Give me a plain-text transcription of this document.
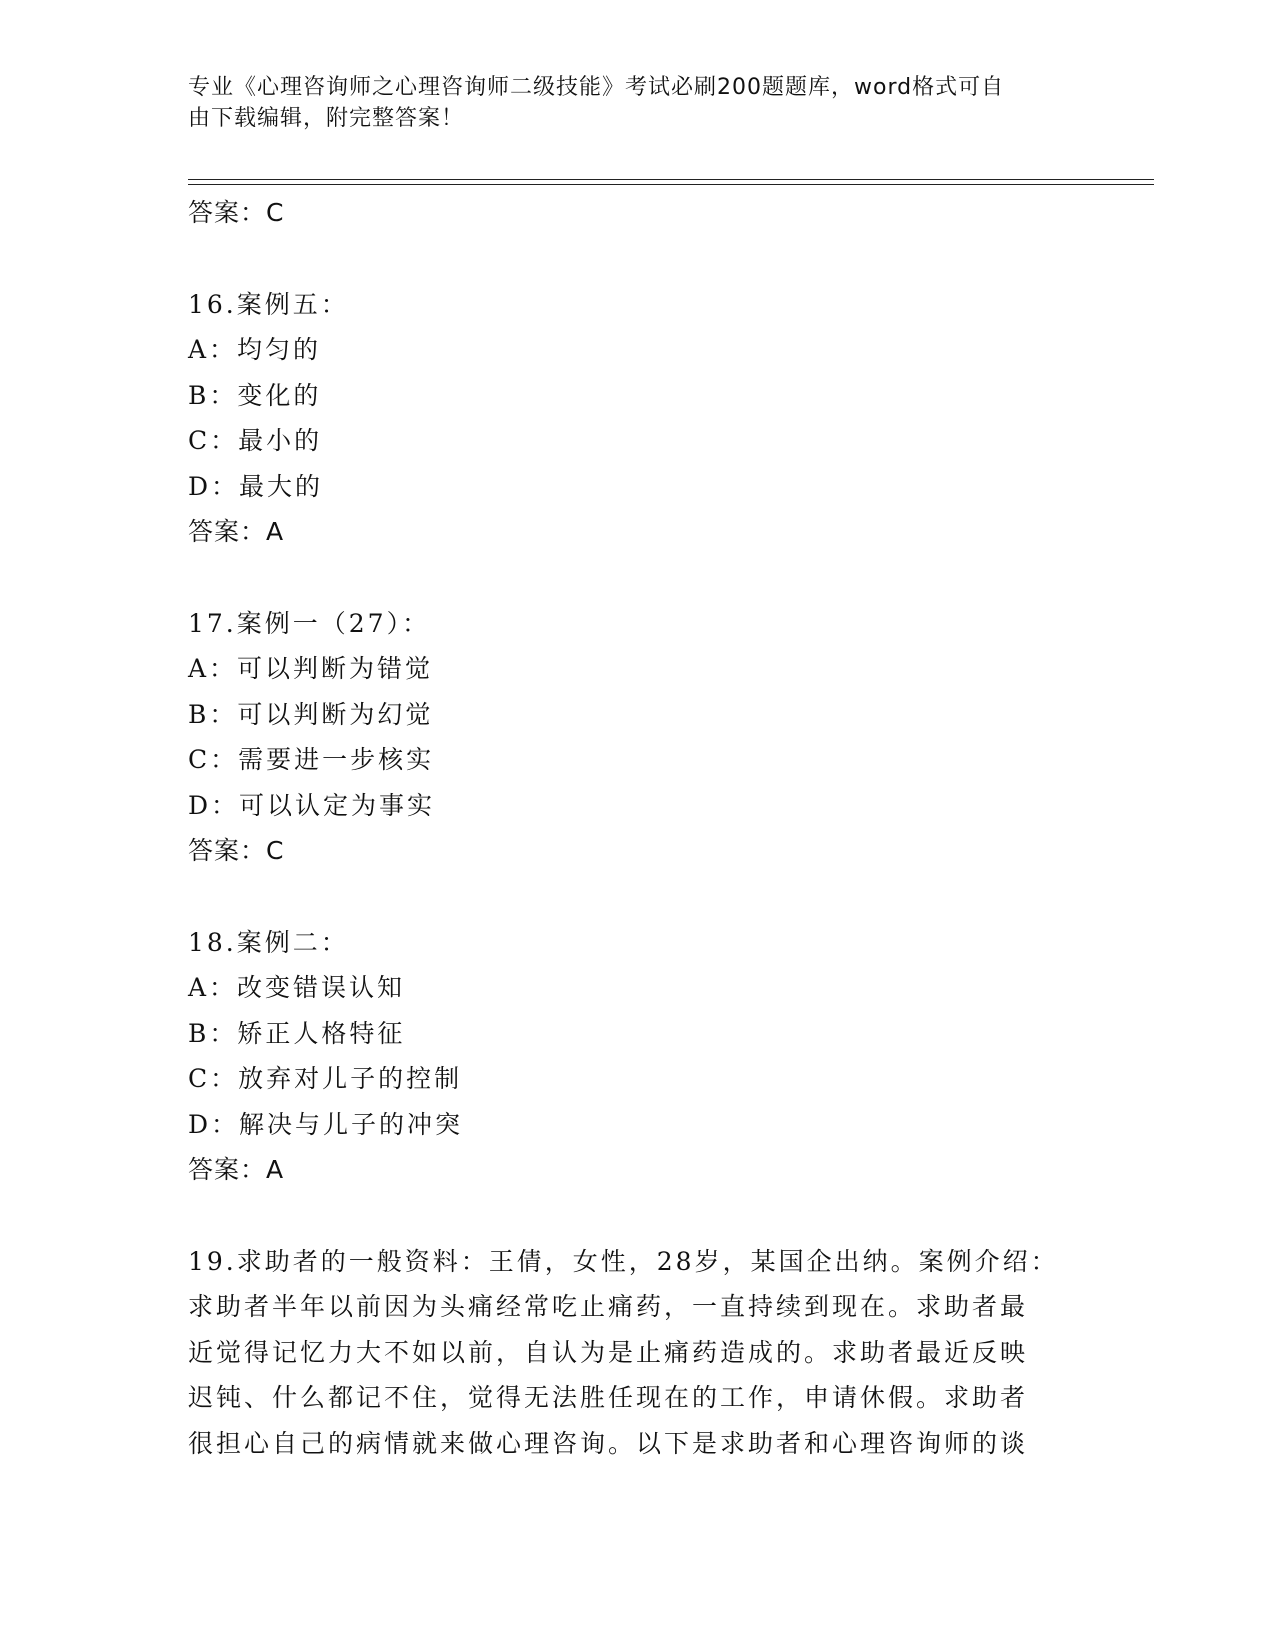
专业《心理咨询师之心理咨询师二级技能》考试必刷200题题库，word格式可自
由下载编辑，附完整答案！
答案：C
16.案例五：
A：均匀的
B：变化的
C：最小的
D：最大的
答案：A
17.案例一（27）：
A：可以判断为错觉
B：可以判断为幻觉
C：需要进一步核实
D：可以认定为事实
答案：C
18.案例二：
A：改变错误认知
B：矫正人格特征
C：放弃对儿子的控制
D：解决与儿子的冲突
答案：A
19.求助者的一般资料：王倩，女性，28岁，某国企出纳。案例介绍：
求助者半年以前因为头痛经常吃止痛药，一直持续到现在。求助者最
近觉得记忆力大不如以前，自认为是止痛药造成的。求助者最近反映
迟钝、什么都记不住，觉得无法胜任现在的工作，申请休假。求助者
很担心自己的病情就来做心理咨询。以下是求助者和心理咨询师的谈
